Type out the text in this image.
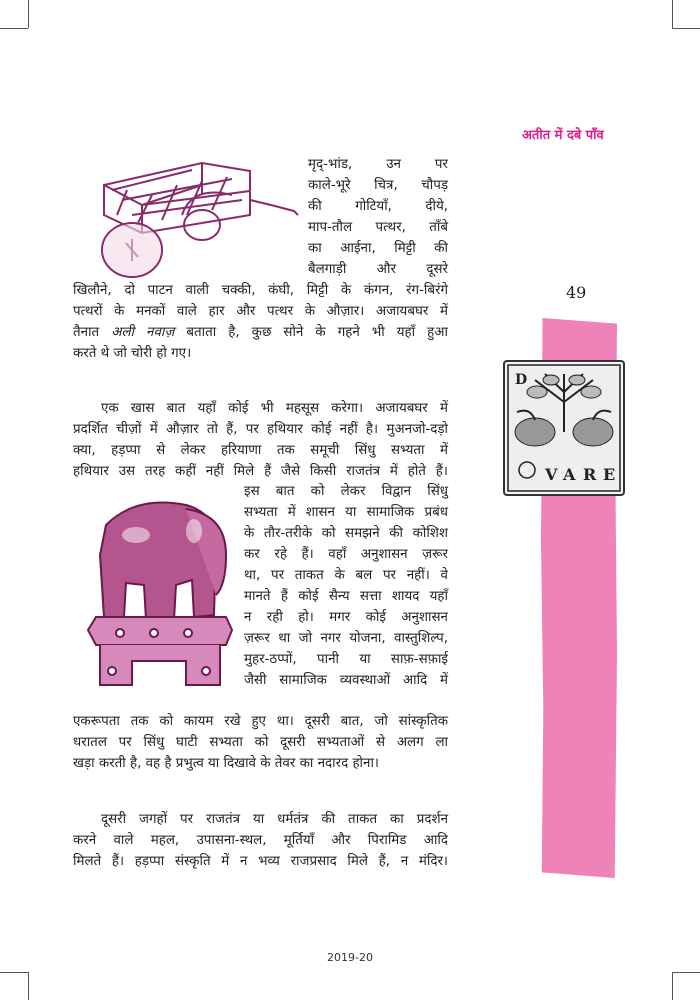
अतीत में दबे पाँव
49
D
V A R E
मृद्-भांड, उन पर
काले-भूरे चित्र, चौपड़
की गोटियाँ, दीये,
माप-तौल पत्थर, ताँबे
का आईना, मिट्टी की
बैलगाड़ी और दूसरे
खिलौने, दो पाटन वाली चक्की, कंघी, मिट्टी के कंगन, रंग-बिरंगे
पत्थरों के मनकों वाले हार और पत्थर के औज़ार। अजायबघर में
तैनात अली नवाज़ बताता है, कुछ सोने के गहने भी यहाँ हुआ
करते थे जो चोरी हो गए।
एक खास बात यहाँ कोई भी महसूस करेगा। अजायबघर में
प्रदर्शित चीज़ों में औज़ार तो हैं, पर हथियार कोई नहीं है। मुअनजो-दड़ो
क्या, हड़प्पा से लेकर हरियाणा तक समूची सिंधु सभ्यता में
हथियार उस तरह कहीं नहीं मिले हैं जैसे किसी राजतंत्र में होते हैं।
इस बात को लेकर विद्वान सिंधु
सभ्यता में शासन या सामाजिक प्रबंध
के तौर-तरीके को समझने की कोशिश
कर रहे हैं। वहाँ अनुशासन ज़रूर
था, पर ताकत के बल पर नहीं। वे
मानते हैं कोई सैन्य सत्ता शायद यहाँ
न रही हो। मगर कोई अनुशासन
ज़रूर था जो नगर योजना, वास्तुशिल्प,
मुहर-ठप्पों, पानी या साफ़-सफ़ाई
जैसी सामाजिक व्यवस्थाओं आदि में
एकरूपता तक को कायम रखे हुए था। दूसरी बात, जो सांस्कृतिक
धरातल पर सिंधु घाटी सभ्यता को दूसरी सभ्यताओं से अलग ला
खड़ा करती है, वह है प्रभुत्व या दिखावे के तेवर का नदारद होना।
दूसरी जगहों पर राजतंत्र या धर्मतंत्र की ताकत का प्रदर्शन
करने वाले महल, उपासना-स्थल, मूर्तियाँ और पिरामिड आदि
मिलते हैं। हड़प्पा संस्कृति में न भव्य राजप्रसाद मिले हैं, न मंदिर।
2019-20
